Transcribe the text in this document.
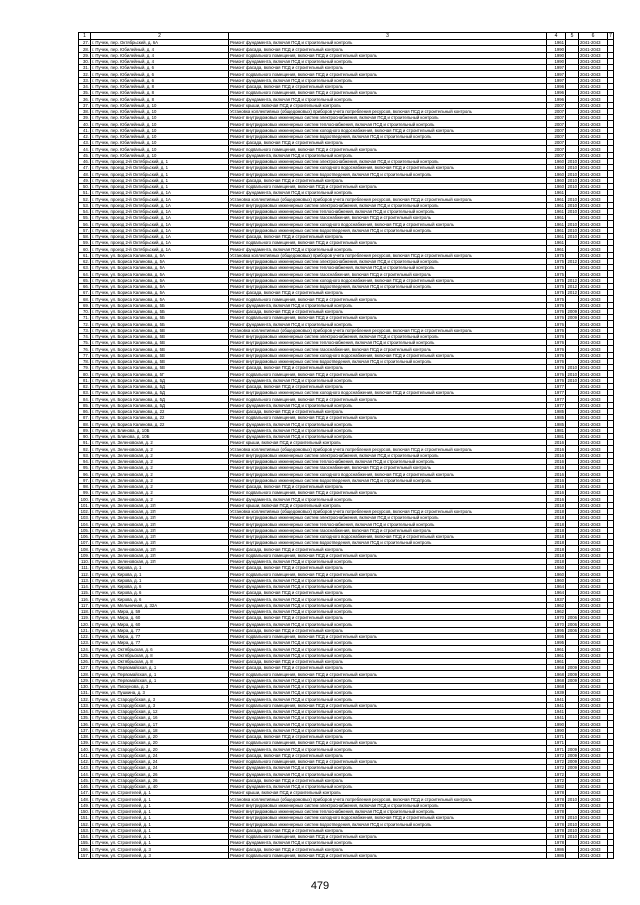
1	2	3	4	5	6	7
27.	г. Пучеж, пер. Октябрьский, д. 6А	Ремонт фундамента, включая ПСД и строительный контроль	1961		2041-2043	
28.	г. Пучеж, пер. Юбилейный, д. 4	Ремонт фасада, включая ПСД и строительный контроль	1990		2041-2043	
29.	г. Пучеж, пер. Юбилейный, д. 4	Ремонт подвального помещения, включая ПСД и строительный контроль	1990		2041-2043	
30.	г. Пучеж, пер. Юбилейный, д. 4	Ремонт фундамента, включая ПСД и строительный контроль	1990		2041-2043	
31.	г. Пучеж, пер. Юбилейный, д. 6	Ремонт фасада, включая ПСД и строительный контроль	1997		2041-2043	
32.	г. Пучеж, пер. Юбилейный, д. 6	Ремонт подвального помещения, включая ПСД и строительный контроль	1997		2041-2043	
33.	г. Пучеж, пер. Юбилейный, д. 6	Ремонт фундамента, включая ПСД и строительный контроль	1997		2041-2043	
34.	г. Пучеж, пер. Юбилейный, д. 8	Ремонт фасада, включая ПСД и строительный контроль	1996		2041-2043	
35.	г. Пучеж, пер. Юбилейный, д. 8	Ремонт подвального помещения, включая ПСД и строительный контроль	1996		2041-2043	
36.	г. Пучеж, пер. Юбилейный, д. 8	Ремонт фундамента, включая ПСД и строительный контроль	1996		2041-2043	
37.	г. Пучеж, пер. Юбилейный, д. 10	Ремонт крыши, включая ПСД и строительный контроль	2007		2041-2043	
38.	г. Пучеж, пер. Юбилейный, д. 10	Установка коллективных (общедомовых) приборов учета потребления ресурсов, включая ПСД и строительный контроль	2007		2041-2043	
39.	г. Пучеж, пер. Юбилейный, д. 10	Ремонт внутридомовых инженерных систем электроснабжения, включая ПСД и строительный контроль	2007		2041-2043	
40.	г. Пучеж, пер. Юбилейный, д. 10	Ремонт внутридомовых инженерных систем теплоснабжения, включая ПСД и строительный контроль	2007		2041-2043	
41.	г. Пучеж, пер. Юбилейный, д. 10	Ремонт внутридомовых инженерных систем холодного водоснабжения, включая ПСД и строительный контроль	2007		2041-2043	
42.	г. Пучеж, пер. Юбилейный, д. 10	Ремонт внутридомовых инженерных систем водоотведения, включая ПСД и строительный контроль	2007		2041-2043	
43.	г. Пучеж, пер. Юбилейный, д. 10	Ремонт фасада, включая ПСД и строительный контроль	2007		2041-2043	
44.	г. Пучеж, пер. Юбилейный, д. 10	Ремонт подвального помещения, включая ПСД и строительный контроль	2007		2041-2043	
45.	г. Пучеж, пер. Юбилейный, д. 10	Ремонт фундамента, включая ПСД и строительный контроль	2007		2041-2043	
46.	г. Пучеж, проезд 2-й Октябрьский, д. 1	Ремонт внутридомовых инженерных систем электроснабжения, включая ПСД и строительный контроль	1960	2010	2041-2043	
47.	г. Пучеж, проезд 2-й Октябрьский, д. 1	Ремонт внутридомовых инженерных систем холодного водоснабжения, включая ПСД и строительный контроль	1960	2010	2041-2043	
48.	г. Пучеж, проезд 2-й Октябрьский, д. 1	Ремонт внутридомовых инженерных систем водоотведения, включая ПСД и строительный контроль	1960	2010	2041-2043	
49.	г. Пучеж, проезд 2-й Октябрьский, д. 1	Ремонт фасада, включая ПСД и строительный контроль	1960	2010	2041-2043	
50.	г. Пучеж, проезд 2-й Октябрьский, д. 1	Ремонт подвального помещения, включая ПСД и строительный контроль	1960	2010	2041-2043	
51.	г. Пучеж, проезд 2-й Октябрьский, д. 1А	Ремонт фундамента, включая ПСД и строительный контроль	1961		2041-2043	
52.	г. Пучеж, проезд 2-й Октябрьский, д. 1А	Установка коллективных (общедомовых) приборов учета потребления ресурсов, включая ПСД и строительный контроль	1961	2010	2041-2043	
53.	г. Пучеж, проезд 2-й Октябрьский, д. 1А	Ремонт внутридомовых инженерных систем электроснабжения, включая ПСД и строительный контроль	1961	2010	2041-2043	
54.	г. Пучеж, проезд 2-й Октябрьский, д. 1А	Ремонт внутридомовых инженерных систем теплоснабжения, включая ПСД и строительный контроль	1961	2010	2041-2043	
55.	г. Пучеж, проезд 2-й Октябрьский, д. 1А	Ремонт внутридомовых инженерных систем газоснабжения, включая ПСД и строительный контроль	1961		2041-2043	
56.	г. Пучеж, проезд 2-й Октябрьский, д. 1А	Ремонт внутридомовых инженерных систем холодного водоснабжения, включая ПСД и строительный контроль	1961	2010	2041-2043	
57.	г. Пучеж, проезд 2-й Октябрьский, д. 1А	Ремонт внутридомовых инженерных систем водоотведения, включая ПСД и строительный контроль	1961	2010	2041-2043	
58.	г. Пучеж, проезд 2-й Октябрьский, д. 1А	Ремонт фасада, включая ПСД и строительный контроль	1961	2010	2041-2043	
59.	г. Пучеж, проезд 2-й Октябрьский, д. 1А	Ремонт подвального помещения, включая ПСД и строительный контроль	1961		2041-2043	
60.	г. Пучеж, проезд 2-й Октябрьский, д. 1А	Ремонт фундамента, включая ПСД и строительный контроль	1961		2041-2043	
61.	г. Пучеж, ул. Бориса Калинова, д. 5А	Установка коллективных (общедомовых) приборов учета потребления ресурсов, включая ПСД и строительный контроль	1975		2041-2043	
62.	г. Пучеж, ул. Бориса Калинова, д. 5А	Ремонт внутридомовых инженерных систем электроснабжения, включая ПСД и строительный контроль	1975	2012	2041-2043	
63.	г. Пучеж, ул. Бориса Калинова, д. 5А	Ремонт внутридомовых инженерных систем теплоснабжения, включая ПСД и строительный контроль	1975		2041-2043	
64.	г. Пучеж, ул. Бориса Калинова, д. 5А	Ремонт внутридомовых инженерных систем газоснабжения, включая ПСД и строительный контроль	1975		2041-2043	
65.	г. Пучеж, ул. Бориса Калинова, д. 5А	Ремонт внутридомовых инженерных систем холодного водоснабжения, включая ПСД и строительный контроль	1975	2012	2041-2043	
66.	г. Пучеж, ул. Бориса Калинова, д. 5А	Ремонт внутридомовых инженерных систем водоотведения, включая ПСД и строительный контроль	1975	2012	2041-2043	
67.	г. Пучеж, ул. Бориса Калинова, д. 5А	Ремонт фасада, включая ПСД и строительный контроль	1975	2012	2041-2043	
68.	г. Пучеж, ул. Бориса Калинова, д. 5А	Ремонт подвального помещения, включая ПСД и строительный контроль	1975		2041-2043	
69.	г. Пучеж, ул. Бориса Калинова, д. 5Б	Ремонт фундамента, включая ПСД и строительный контроль	1976		2041-2043	
70.	г. Пучеж, ул. Бориса Калинова, д. 5Б	Ремонт фасада, включая ПСД и строительный контроль	1976	2009	2041-2043	
71.	г. Пучеж, ул. Бориса Калинова, д. 5Б	Ремонт подвального помещения, включая ПСД и строительный контроль	1976	2009	2041-2043	
72.	г. Пучеж, ул. Бориса Калинова, д. 5Б	Ремонт фундамента, включая ПСД и строительный контроль	1976		2041-2043	
73.	г. Пучеж, ул. Бориса Калинова, д. 5В	Установка коллективных (общедомовых) приборов учета потребления ресурсов, включая ПСД и строительный контроль	1976		2041-2043	
74.	г. Пучеж, ул. Бориса Калинова, д. 5В	Ремонт внутридомовых инженерных систем электроснабжения, включая ПСД и строительный контроль	1976		2041-2043	
75.	г. Пучеж, ул. Бориса Калинова, д. 5В	Ремонт внутридомовых инженерных систем теплоснабжения, включая ПСД и строительный контроль	1976		2041-2043	
76.	г. Пучеж, ул. Бориса Калинова, д. 5В	Ремонт внутридомовых инженерных систем газоснабжения, включая ПСД и строительный контроль	1976		2041-2043	
77.	г. Пучеж, ул. Бориса Калинова, д. 5В	Ремонт внутридомовых инженерных систем холодного водоснабжения, включая ПСД и строительный контроль	1976		2041-2043	
78.	г. Пучеж, ул. Бориса Калинова, д. 5В	Ремонт внутридомовых инженерных систем водоотведения, включая ПСД и строительный контроль	1976		2041-2043	
79.	г. Пучеж, ул. Бориса Калинова, д. 5В	Ремонт фасада, включая ПСД и строительный контроль	1976	2010	2041-2043	
80.	г. Пучеж, ул. Бориса Калинова, д. 5Г	Ремонт подвального помещения, включая ПСД и строительный контроль	1976	2010	2041-2043	
81.	г. Пучеж, ул. Бориса Калинова, д. 5Д	Ремонт фундамента, включая ПСД и строительный контроль	1976	2010	2041-2043	
82.	г. Пучеж, ул. Бориса Калинова, д. 5Д	Ремонт фасада, включая ПСД и строительный контроль	1977		2041-2043	
83.	г. Пучеж, ул. Бориса Калинова, д. 5Д	Ремонт внутридомовых инженерных систем холодного водоснабжения, включая ПСД и строительный контроль	1977		2041-2043	
84.	г. Пучеж, ул. Бориса Калинова, д. 5Д	Ремонт подвального помещения, включая ПСД и строительный контроль	1977		2041-2043	
85.	г. Пучеж, ул. Бориса Калинова, д. 5Д	Ремонт фундамента, включая ПСД и строительный контроль	1977		2041-2043	
86.	г. Пучеж, ул. Бориса Калинова, д. 22	Ремонт фасада, включая ПСД и строительный контроль	1985		2041-2043	
87.	г. Пучеж, ул. Бориса Калинова, д. 22	Ремонт подвального помещения, включая ПСД и строительный контроль	1985		2041-2043	
88.	г. Пучеж, ул. Бориса Калинова, д. 22	Ремонт фундамента, включая ПСД и строительный контроль	1985		2041-2043	
89.	г. Пучеж, ул. Блинова, д. 10Б	Ремонт фундамента, включая ПСД и строительный контроль	1981		2041-2043	
90.	г. Пучеж, ул. Блинова, д. 10Б	Ремонт фундамента, включая ПСД и строительный контроль	1981		2041-2043	
91.	г. Пучеж, ул. Зеленовская, д. 2	Ремонт крыши, включая ПСД и строительный контроль	2016		2041-2043	
92.	г. Пучеж, ул. Зеленовская, д. 2	Установка коллективных (общедомовых) приборов учета потребления ресурсов, включая ПСД и строительный контроль	2016		2041-2043	
93.	г. Пучеж, ул. Зеленовская, д. 2	Ремонт внутридомовых инженерных систем электроснабжения, включая ПСД и строительный контроль	2016		2041-2043	
94.	г. Пучеж, ул. Зеленовская, д. 2	Ремонт внутридомовых инженерных систем теплоснабжения, включая ПСД и строительный контроль	2016		2041-2043	
95.	г. Пучеж, ул. Зеленовская, д. 2	Ремонт внутридомовых инженерных систем газоснабжения, включая ПСД и строительный контроль	2016		2041-2043	
96.	г. Пучеж, ул. Зеленовская, д. 2	Ремонт внутридомовых инженерных систем холодного водоснабжения, включая ПСД и строительный контроль	2016		2041-2043	
97.	г. Пучеж, ул. Зеленовская, д. 2	Ремонт внутридомовых инженерных систем водоотведения, включая ПСД и строительный контроль	2016		2041-2043	
98.	г. Пучеж, ул. Зеленовская, д. 2	Ремонт фасада, включая ПСД и строительный контроль	2016		2041-2043	
99.	г. Пучеж, ул. Зеленовская, д. 2	Ремонт подвального помещения, включая ПСД и строительный контроль	2016		2041-2043	
100.	г. Пучеж, ул. Зеленовская, д. 2	Ремонт фундамента, включая ПСД и строительный контроль	2016		2041-2043	
101.	г. Пучеж, ул. Зеленовская, д. 2Л	Ремонт крыши, включая ПСД и строительный контроль	2018		2041-2043	
102.	г. Пучеж, ул. Зеленовская, д. 2Л	Установка коллективных (общедомовых) приборов учета потребления ресурсов, включая ПСД и строительный контроль	2018		2041-2043	
103.	г. Пучеж, ул. Зеленовская, д. 2Л	Ремонт внутридомовых инженерных систем электроснабжения, включая ПСД и строительный контроль	2018		2041-2043	
104.	г. Пучеж, ул. Зеленовская, д. 2Л	Ремонт внутридомовых инженерных систем теплоснабжения, включая ПСД и строительный контроль	2018		2041-2043	
105.	г. Пучеж, ул. Зеленовская, д. 2Л	Ремонт внутридомовых инженерных систем газоснабжения, включая ПСД и строительный контроль	2018		2041-2043	
106.	г. Пучеж, ул. Зеленовская, д. 2Л	Ремонт внутридомовых инженерных систем холодного водоснабжения, включая ПСД и строительный контроль	2018		2041-2043	
107.	г. Пучеж, ул. Зеленовская, д. 2Л	Ремонт внутридомовых инженерных систем водоотведения, включая ПСД и строительный контроль	2018		2041-2043	
108.	г. Пучеж, ул. Зеленовская, д. 2Л	Ремонт фасада, включая ПСД и строительный контроль	2018		2041-2043	
109.	г. Пучеж, ул. Зеленовская, д. 2Л	Ремонт подвального помещения, включая ПСД и строительный контроль	2018		2041-2043	
110.	г. Пучеж, ул. Зеленовская, д. 2Л	Ремонт фундамента, включая ПСД и строительный контроль	2018		2041-2043	
111.	г. Пучеж, ул. Кирова, д. 1	Ремонт фасада, включая ПСД и строительный контроль	1960		2041-2043	
112.	г. Пучеж, ул. Кирова, д. 1	Ремонт подвального помещения, включая ПСД и строительный контроль	1960		2041-2043	
113.	г. Пучеж, ул. Кирова, д. 1	Ремонт фундамента, включая ПСД и строительный контроль	1960		2041-2043	
114.	г. Пучеж, ул. Кирова, д. 6	Ремонт фундамента, включая ПСД и строительный контроль	1964		2041-2043	
115.	г. Пучеж, ул. Кирова, д. 6	Ремонт фасада, включая ПСД и строительный контроль	1964		2041-2043	
116.	г. Пучеж, ул. Кирова, д. 6	Ремонт фундамента, включая ПСД и строительный контроль	1937		2041-2043	
117.	г. Пучеж, ул. Мельничная, д. 32А	Ремонт фундамента, включая ПСД и строительный контроль	1962		2041-2043	
118.	г. Пучеж, ул. Мира, д. 59	Ремонт фундамента, включая ПСД и строительный контроль	1962		2041-2043	
119.	г. Пучеж, ул. Мира, д. 60	Ремонт фасада, включая ПСД и строительный контроль	1970	2006	2041-2043	
120.	г. Пучеж, ул. Мира, д. 60	Ремонт фундамента, включая ПСД и строительный контроль	1970	2006	2041-2043	
121.	г. Пучеж, ул. Мира, д. 77	Ремонт фасада, включая ПСД и строительный контроль	1995	2006	2041-2043	
122.	г. Пучеж, ул. Мира, д. 77	Ремонт подвального помещения, включая ПСД и строительный контроль	1995		2041-2043	
123.	г. Пучеж, ул. Мира, д. 77	Ремонт фундамента, включая ПСД и строительный контроль	1995		2041-2043	
124.	г. Пучеж, ул. Октябрьская, д. 6	Ремонт фундамента, включая ПСД и строительный контроль	1961		2041-2043	
125.	г. Пучеж, ул. Октябрьская, д. 8	Ремонт фундамента, включая ПСД и строительный контроль	1961		2041-2043	
126.	г. Пучеж, ул. Октябрьская, д. 8	Ремонт фасада, включая ПСД и строительный контроль	1961		2041-2043	
127.	г. Пучеж, ул. Первомайская, д. 1	Ремонт фасада, включая ПСД и строительный контроль	1968	2009	2041-2043	
128.	г. Пучеж, ул. Первомайская, д. 1	Ремонт подвального помещения, включая ПСД и строительный контроль	1968	2009	2041-2043	
129.	г. Пучеж, ул. Первомайская, д. 1	Ремонт фундамента, включая ПСД и строительный контроль	1968	2009	2041-2043	
130.	г. Пучеж, ул. Пискунова, д. 3	Ремонт фундамента, включая ПСД и строительный контроль	1968		2041-2043	
131.	г. Пучеж, ул. Пушкина, д. 3	Ремонт фундамента, включая ПСД и строительный контроль	1939		2041-2043	
132.	г. Пучеж, ул. Стародубская, д. 3	Ремонт фундамента, включая ПСД и строительный контроль	1941		2041-2043	
133.	г. Пучеж, ул. Стародубская, д. 3	Ремонт подвального помещения, включая ПСД и строительный контроль	1941		2041-2043	
134.	г. Пучеж, ул. Стародубская, д. 12	Ремонт фундамента, включая ПСД и строительный контроль	1941		2041-2043	
135.	г. Пучеж, ул. Стародубская, д. 16	Ремонт фундамента, включая ПСД и строительный контроль	1941		2041-2043	
136.	г. Пучеж, ул. Стародубская, д. 17	Ремонт фундамента, включая ПСД и строительный контроль	1990		2041-2043	
137.	г. Пучеж, ул. Стародубская, д. 18	Ремонт фундамента, включая ПСД и строительный контроль	1990		2041-2043	
138.	г. Пучеж, ул. Стародубская, д. 20	Ремонт фасада, включая ПСД и строительный контроль	1971		2041-2043	
139.	г. Пучеж, ул. Стародубская, д. 20	Ремонт подвального помещения, включая ПСД и строительный контроль	1971		2041-2043	
140.	г. Пучеж, ул. Стародубская, д. 20	Ремонт фундамента, включая ПСД и строительный контроль	1971	2009	2041-2043	
141.	г. Пучеж, ул. Стародубская, д. 24	Ремонт фасада, включая ПСД и строительный контроль	1972	2009	2041-2043	
142.	г. Пучеж, ул. Стародубская, д. 24	Ремонт подвального помещения, включая ПСД и строительный контроль	1972	2009	2041-2043	
143.	г. Пучеж, ул. Стародубская, д. 24	Ремонт фундамента, включая ПСД и строительный контроль	1972	2009	2041-2043	
144.	г. Пучеж, ул. Стародубская, д. 26	Ремонт фундамента, включая ПСД и строительный контроль	1972		2041-2043	
145.	г. Пучеж, ул. Стародубская, д. 26	Ремонт фасада, включая ПСД и строительный контроль	1972		2041-2043	
146.	г. Пучеж, ул. Стародубская, д. 40	Ремонт фундамента, включая ПСД и строительный контроль	1982		2041-2043	
147.	г. Пучеж, ул. Строителей, д. 1	Ремонт крыши, включая ПСД и строительный контроль	1978		2041-2043	
148.	г. Пучеж, ул. Строителей, д. 1	Установка коллективных (общедомовых) приборов учета потребления ресурсов, включая ПСД и строительный контроль	1978	2010	2041-2043	
149.	г. Пучеж, ул. Строителей, д. 1	Ремонт внутридомовых инженерных систем электроснабжения, включая ПСД и строительный контроль	1978		2041-2043	
150.	г. Пучеж, ул. Строителей, д. 1	Ремонт внутридомовых инженерных систем теплоснабжения, включая ПСД и строительный контроль	1978		2041-2043	
151.	г. Пучеж, ул. Строителей, д. 1	Ремонт внутридомовых инженерных систем холодного водоснабжения, включая ПСД и строительный контроль	1978	2010	2041-2043	
152.	г. Пучеж, ул. Строителей, д. 1	Ремонт внутридомовых инженерных систем водоотведения, включая ПСД и строительный контроль	1978	2010	2041-2043	
153.	г. Пучеж, ул. Строителей, д. 1	Ремонт фасада, включая ПСД и строительный контроль	1978	2010	2041-2043	
154.	г. Пучеж, ул. Строителей, д. 1	Ремонт подвального помещения, включая ПСД и строительный контроль	1978	2010	2041-2043	
155.	г. Пучеж, ул. Строителей, д. 1	Ремонт фундамента, включая ПСД и строительный контроль	1978		2041-2043	
156.	г. Пучеж, ул. Строителей, д. 3	Ремонт фасада, включая ПСД и строительный контроль	1986		2041-2043	
157.	г. Пучеж, ул. Строителей, д. 3	Ремонт подвального помещения, включая ПСД и строительный контроль	1986		2041-2043	
479
